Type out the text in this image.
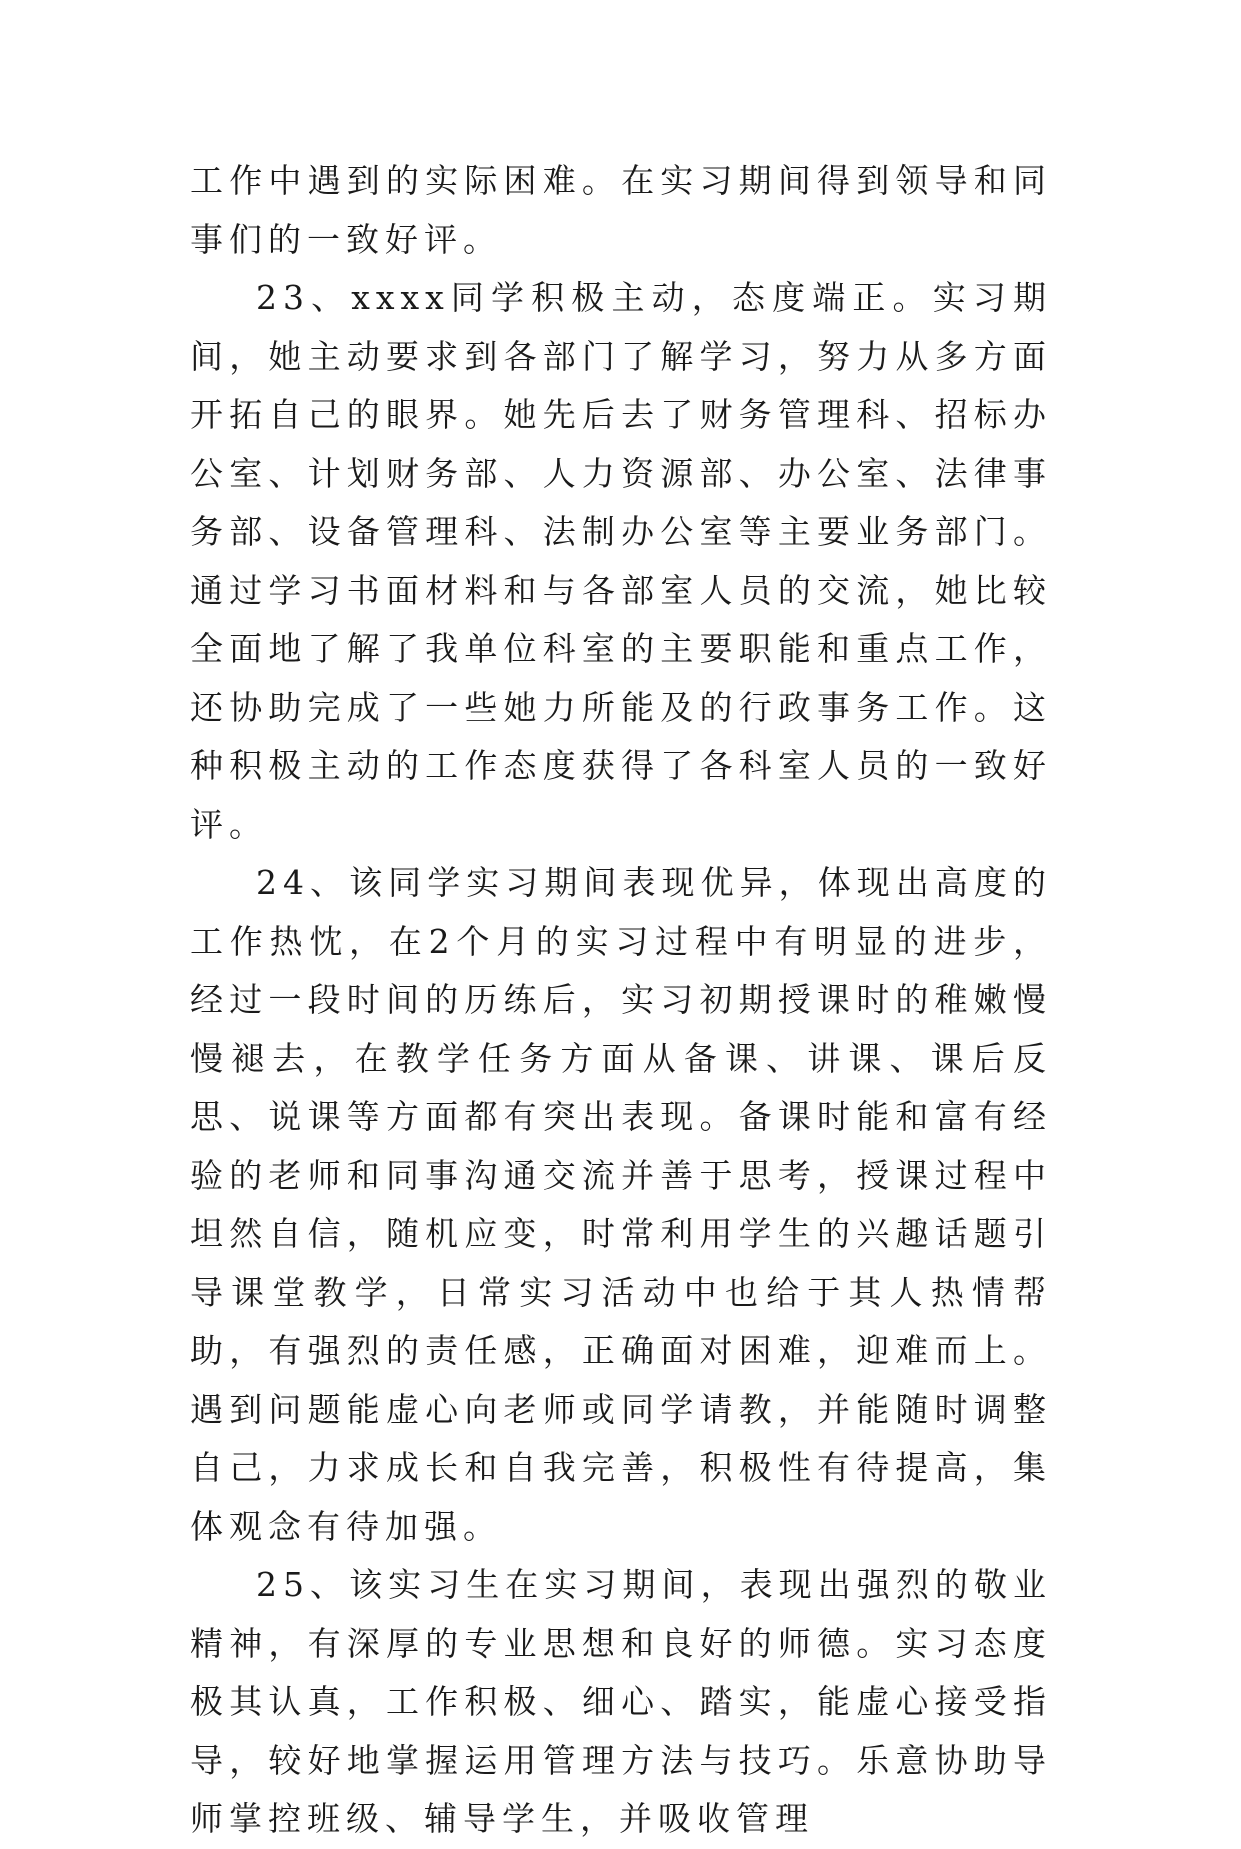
工作中遇到的实际困难。在实习期间得到领导和同事们的一致好评。

23、xxxx同学积极主动，态度端正。实习期间，她主动要求到各部门了解学习，努力从多方面开拓自己的眼界。她先后去了财务管理科、招标办公室、计划财务部、人力资源部、办公室、法律事务部、设备管理科、法制办公室等主要业务部门。通过学习书面材料和与各部室人员的交流，她比较全面地了解了我单位科室的主要职能和重点工作，还协助完成了一些她力所能及的行政事务工作。这种积极主动的工作态度获得了各科室人员的一致好评。

24、该同学实习期间表现优异，体现出高度的工作热忱，在2个月的实习过程中有明显的进步，经过一段时间的历练后，实习初期授课时的稚嫩慢慢褪去，在教学任务方面从备课、讲课、课后反思、说课等方面都有突出表现。备课时能和富有经验的老师和同事沟通交流并善于思考，授课过程中坦然自信，随机应变，时常利用学生的兴趣话题引导课堂教学，日常实习活动中也给于其人热情帮助，有强烈的责任感，正确面对困难，迎难而上。遇到问题能虚心向老师或同学请教，并能随时调整自己，力求成长和自我完善，积极性有待提高，集体观念有待加强。

25、该实习生在实习期间，表现出强烈的敬业精神，有深厚的专业思想和良好的师德。实习态度极其认真，工作积极、细心、踏实，能虚心接受指导，较好地掌握运用管理方法与技巧。乐意协助导师掌控班级、辅导学生，并吸收管理
